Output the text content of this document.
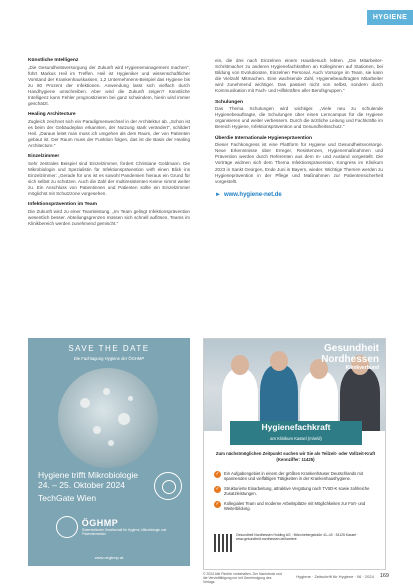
HYGIENE
Künstliche Intelligenz

„Die Gesundheitsversorgung der Zukunft wird Hygienemanagement machen", führt Markus Heil im Treffen. Heil ist Hygieniker und wissenschaftlicher Vorstand der Krankenhauskassen, 1,2 Unternehmens-Beispiel das Hygiene bis zu 80 Prozent der Infektionen. Anwendung lasst sich vielfach durch Handhygiene umschreiben. Aber wird die Zukunft zeigen? Künstliche Intelligenz kann Fehler prognostizieren bei ganz schwindem, hierin wird immer geschätzt.

Healing Architecture

Zugleich zeichnet sich ein Paradigmenwechsel in der Architektur ab. „Schon ist es beim der Gebäudeplan erkannten, der Nutzung stark verändert", schildert Heil. „Daraus leitet man muss ich umgehen als dem Raum, der von Patienten gebaut ist. Der Raum muss der Funktion folgen, das ist die Basis der Healing Architecture."

Einzelzimmer

Sehr zentrales Beispiel sind Einzelzimmer, fordert Christiane Goldmann. Die Mikrobiologin und Spezialistin für Infektionsprävention wirft einen Blick ins Einzelzimmer: „Gerade für uns ist es sowohl Pandemien hieraus ein Grund für sich selbst zu schützen. Auch die Zahl der multiresistenten Keime nimmt weiter zu. Ein Anschluss von Patientinnen und Patienten sollte ein Einzelzimmer möglichst mit Schutzzone vorgesehen.

Infektionsprävention im Team

Die Zukunft wird zu einer Teamleistung. „Im Team gelingt Infektionsprävention wesentlich besser. Abteilungsgrenzen müssen sich schnell auflösen, Teams im Klinikbereich werden zunehmend gemischt."

ein, die drei nach Einzelnen einem Hausbesuch lebten. „Die Mitarbeiter-Schrittmacher zu anderen Hygienefachkräften an Kolleginnen auf Stationen, bei Bildung von Evolutionäre, Einzelnen Personal. Auch Vorsorge im Team, sie kann die Vielzahl Mitmachen. Eine wachsende Zahl, Hygienebeauftragten Mitarbeiter wird zunehmend wichtiger. Das passiert nicht von selbst, sondern durch Kommunikation mit Fach- und Hilfskräften aller Berufsgruppen."

Schulungen

Das Thema Schulungen wird wichtiger. „Viele neu zu schulende Hygienebeauftragte, die Schulungen über einen Lerncampus für die Hygiene organisieren und weiter verbessern. Durch die ärztliche Leitung und Fachkräfte im Bereich Hygiene, Infektionsprävention und Gesundheitsschutz."

Überdie Internationale Hygieneprävention

Dieser Fachkongress ist eine Plattform für Hygiene und Gesundheitsvorsorge. Neue Erkenntnisse über Erreger, Resistenzen, Hygienemaßnahmen und Prävention werden durch Referenten aus dem In- und Ausland vorgestellt. Die Vorträge widmen sich dem Thema Infektionsprävention, Kongress im Klinikum 2023 in Sankt Georgen, Ende Juni in Bayern, wieder. Wichtige Themen werden zu Hygieneprävention in der Pflege und Maßnahmen zur Patientensicherheit vorgestellt.

► www.hygiene-net.de
SAVE THE DATE
Die Fachtagung Hygiene der ÖGHMP
Hygiene trifft Mikrobiologie
24. – 25. Oktober 2024
TechGate Wien
ÖGHMP
Österreichische Gesellschaft für Hygiene, Mikrobiologie und Präventivmedizin
www.oeghmp.at
Gesundheit
Nordhessen
Klinikverbund
Hygienefachkraft
am Klinikum Kassel (m/w/d)
Zum nächstmöglichen Zeitpunkt suchen wir Sie als Teilzeit- oder Vollzeit-Kraft (Kennziffer: 11425)
✓	Ein Aufgabengebiet in einem der größten Krankenhäuser Deutschlands mit spannenden und vielfältigen Tätigkeiten in der Krankenhaushygiene.
✓	Strukturierte Einarbeitung, attraktive Vergütung nach TVöD-K sowie zahlreiche Zusatzleistungen.
✓	Kollegiales Team und moderne Arbeitsplätze mit Möglichkeiten zur Fort- und Weiterbildung.
Gesundheit Nordhessen Holding AG · Mönchebergstraße 41–43 · 34125 Kassel · www.gesundheit-nordhessen.de/karriere
© 2024 Alle Rechte vorbehalten. Der Nachdruck und die Vervielfältigung nur mit Genehmigung des Verlags.
Hygiene · Zeitschrift für Hygiene · 06 · 2024 169
